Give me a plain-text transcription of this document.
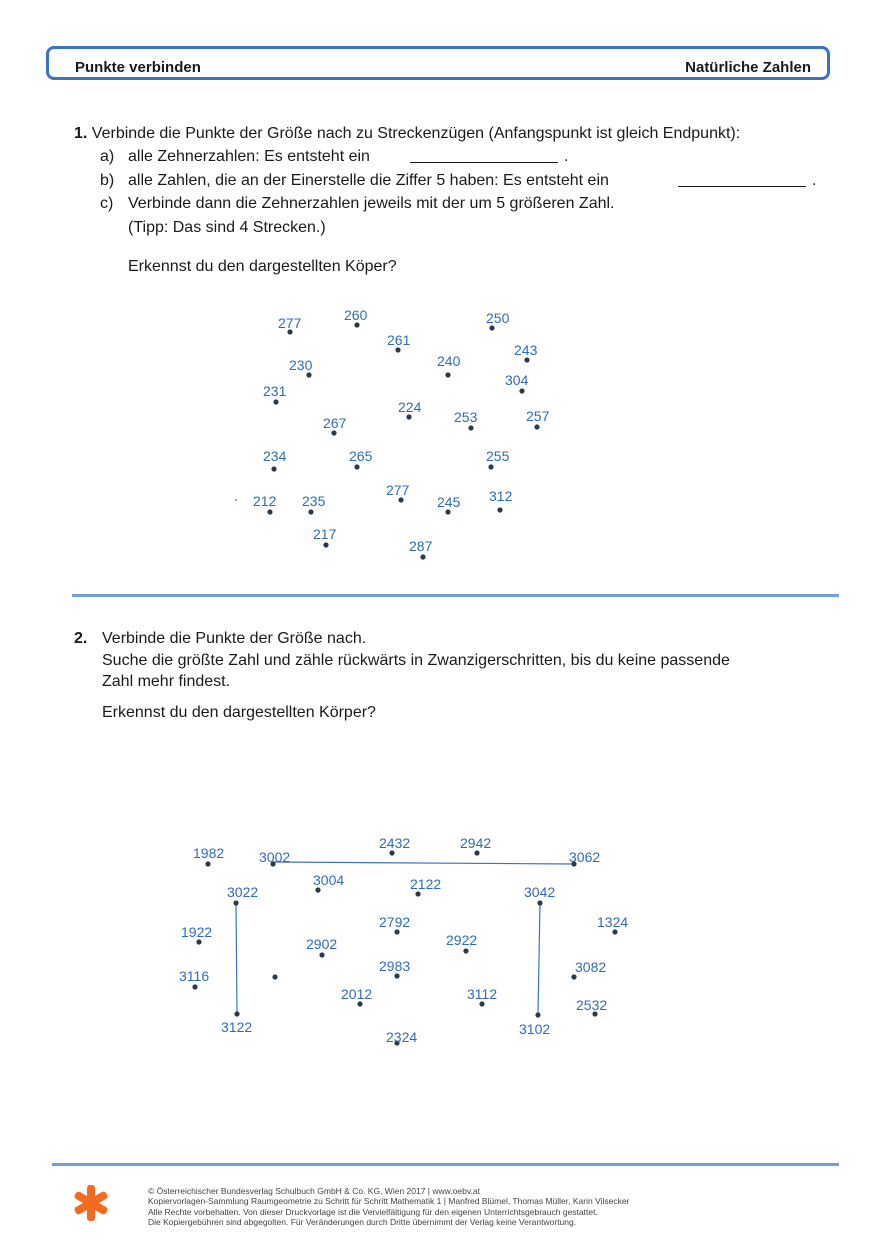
Punkte verbinden	Natürliche Zahlen
1. Verbinde die Punkte der Größe nach zu Streckenzügen (Anfangspunkt ist gleich Endpunkt):
a) alle Zehnerzahlen: Es entsteht ein	.
b) alle Zahlen, die an der Einerstelle die Ziffer 5 haben: Es entsteht ein	.
c) Verbinde dann die Zehnerzahlen jeweils mit der um 5 größeren Zahl.
(Tipp: Das sind 4 Strecken.)
Erkennst du den dargestellten Köper?
2. Verbinde die Punkte der Größe nach.
Suche die größte Zahl und zähle rückwärts in Zwanzigerschritten, bis du keine passende
Zahl mehr findest.
Erkennst du den dargestellten Körper?
277	260
261
250
230	240
243
231
304
224
253	257
267
234	265	255
277
212 235	245 312
217
287
1982 3002
2432	2942
3062
3004	2122
3022	3042
1324
1922
2792
2922
2902
2983	3082
3116
2012	3112
2532
3122	3102
2324
© Österreichischer Bundesverlag Schulbuch GmbH & Co. KG, Wien 2017 | www.oebv.at
Kopiervorlagen-Sammlung Raumgeometrie zu Schritt für Schritt Mathematik 1 | Manfred Blümel, Thomas Müller, Karin Vilsecker
Alle Rechte vorbehalten. Von dieser Druckvorlage ist die Vervielfältigung für den eigenen Unterrichtsgebrauch gestattet.
Die Kopiergebühren sind abgegolten. Für Veränderungen durch Dritte übernimmt der Verlag keine Verantwortung.
